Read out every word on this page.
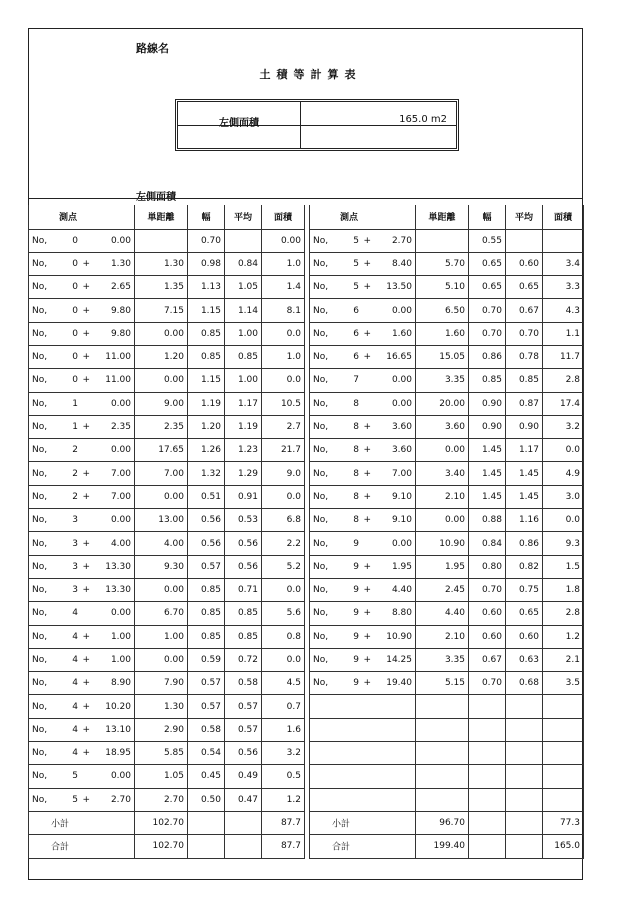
路線名
土積等計算表
左側面積	165.0 m2
左側面積
測点	単距離	幅	平均	面積

No, 0 0.00		0.70		0.00

No, 0 + 1.30	1.30	0.98	0.84	1.0

No, 0 + 2.65	1.35	1.13	1.05	1.4

No, 0 + 9.80	7.15	1.15	1.14	8.1

No, 0 + 9.80	0.00	0.85	1.00	0.0

No, 0 + 11.00	1.20	0.85	0.85	1.0

No, 0 + 11.00	0.00	1.15	1.00	0.0

No, 1 0.00	9.00	1.19	1.17	10.5

No, 1 + 2.35	2.35	1.20	1.19	2.7

No, 2 0.00	17.65	1.26	1.23	21.7

No, 2 + 7.00	7.00	1.32	1.29	9.0

No, 2 + 7.00	0.00	0.51	0.91	0.0

No, 3 0.00	13.00	0.56	0.53	6.8

No, 3 + 4.00	4.00	0.56	0.56	2.2

No, 3 + 13.30	9.30	0.57	0.56	5.2

No, 3 + 13.30	0.00	0.85	0.71	0.0

No, 4 0.00	6.70	0.85	0.85	5.6

No, 4 + 1.00	1.00	0.85	0.85	0.8

No, 4 + 1.00	0.00	0.59	0.72	0.0

No, 4 + 8.90	7.90	0.57	0.58	4.5

No, 4 + 10.20	1.30	0.57	0.57	0.7

No, 4 + 13.10	2.90	0.58	0.57	1.6

No, 4 + 18.95	5.85	0.54	0.56	3.2

No, 5 0.00	1.05	0.45	0.49	0.5

No, 5 + 2.70	2.70	0.50	0.47	1.2

小計	102.70			87.7

合計	102.70			87.7
測点	単距離	幅	平均	面積

No, 5 + 2.70		0.55		

No, 5 + 8.40	5.70	0.65	0.60	3.4

No, 5 + 13.50	5.10	0.65	0.65	3.3

No, 6 0.00	6.50	0.70	0.67	4.3

No, 6 + 1.60	1.60	0.70	0.70	1.1

No, 6 + 16.65	15.05	0.86	0.78	11.7

No, 7 0.00	3.35	0.85	0.85	2.8

No, 8 0.00	20.00	0.90	0.87	17.4

No, 8 + 3.60	3.60	0.90	0.90	3.2

No, 8 + 3.60	0.00	1.45	1.17	0.0

No, 8 + 7.00	3.40	1.45	1.45	4.9

No, 8 + 9.10	2.10	1.45	1.45	3.0

No, 8 + 9.10	0.00	0.88	1.16	0.0

No, 9 0.00	10.90	0.84	0.86	9.3

No, 9 + 1.95	1.95	0.80	0.82	1.5

No, 9 + 4.40	2.45	0.70	0.75	1.8

No, 9 + 8.80	4.40	0.60	0.65	2.8

No, 9 + 10.90	2.10	0.60	0.60	1.2

No, 9 + 14.25	3.35	0.67	0.63	2.1

No, 9 + 19.40	5.15	0.70	0.68	3.5

小計	96.70			77.3

合計	199.40			165.0
